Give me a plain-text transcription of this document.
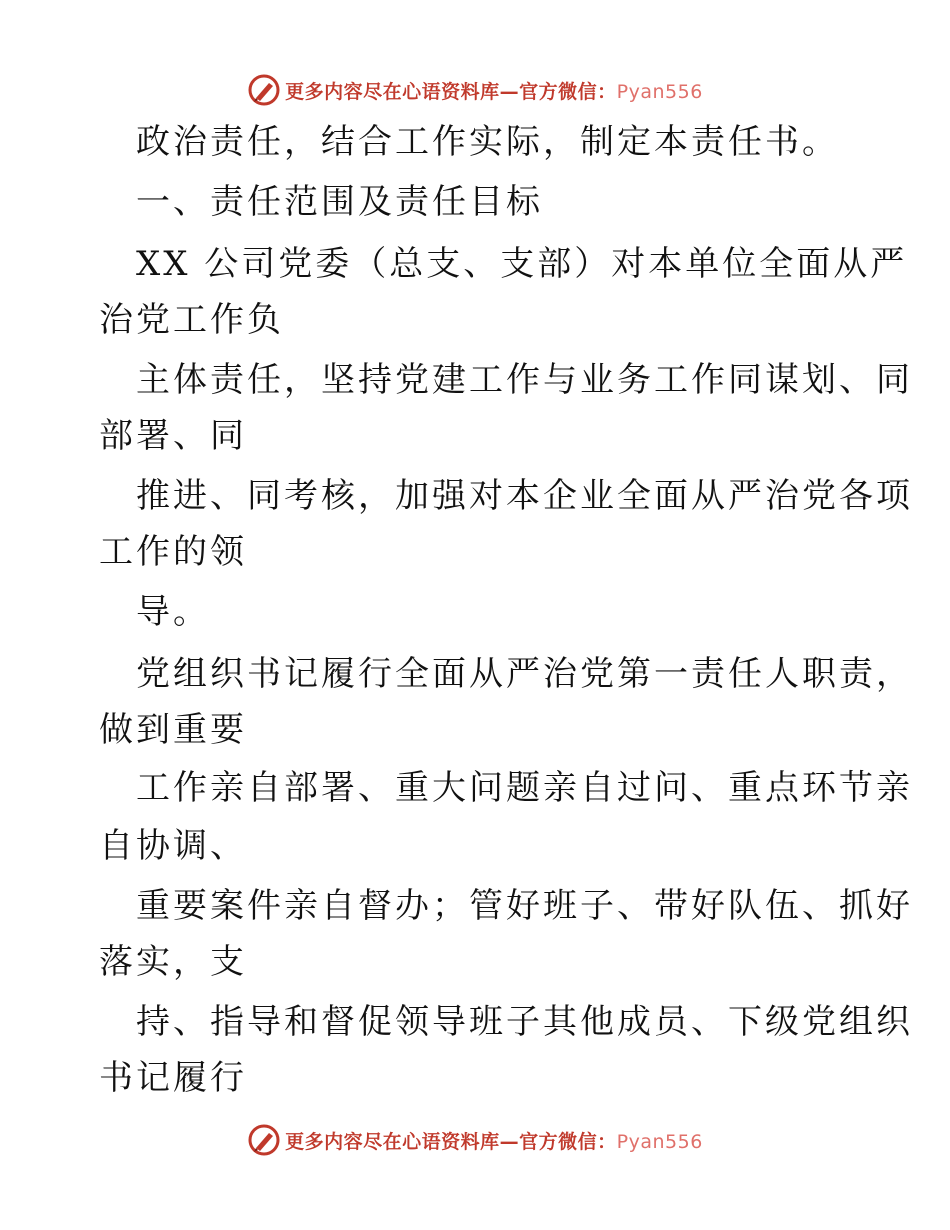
更多内容尽在心语资料库—官方微信：Pyan556
政治责任，结合工作实际，制定本责任书。
一、责任范围及责任目标
XX 公司党委（总支、支部）对本单位全面从严
治党工作负
主体责任，坚持党建工作与业务工作同谋划、同
部署、同
推进、同考核，加强对本企业全面从严治党各项
工作的领
导。
党组织书记履行全面从严治党第一责任人职责，
做到重要
工作亲自部署、重大问题亲自过问、重点环节亲
自协调、
重要案件亲自督办；管好班子、带好队伍、抓好
落实，支
持、指导和督促领导班子其他成员、下级党组织
书记履行
更多内容尽在心语资料库—官方微信：Pyan556
